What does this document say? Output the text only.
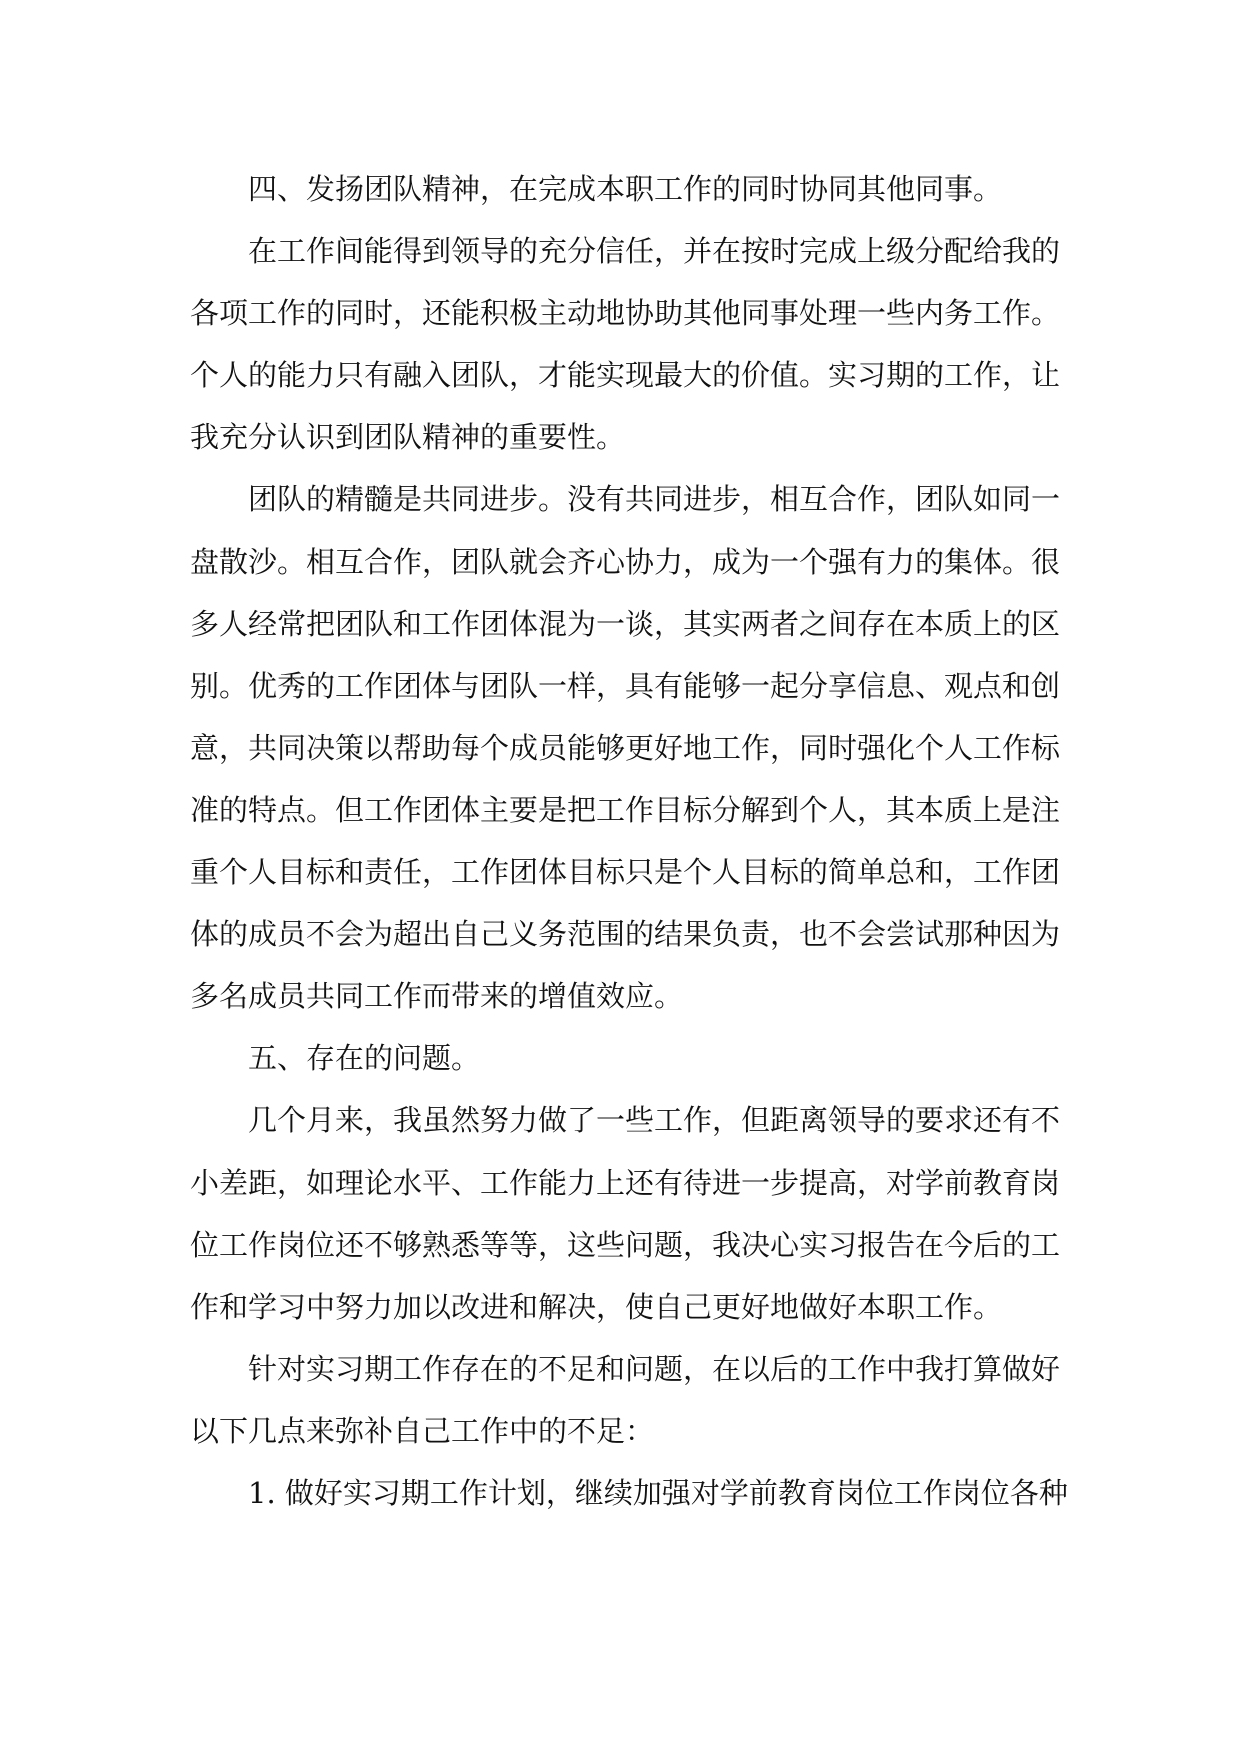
四、发扬团队精神，在完成本职工作的同时协同其他同事。
在工作间能得到领导的充分信任，并在按时完成上级分配给我的
各项工作的同时，还能积极主动地协助其他同事处理一些内务工作。
个人的能力只有融入团队，才能实现最大的价值。实习期的工作，让
我充分认识到团队精神的重要性。
团队的精髓是共同进步。没有共同进步，相互合作，团队如同一
盘散沙。相互合作，团队就会齐心协力，成为一个强有力的集体。很
多人经常把团队和工作团体混为一谈，其实两者之间存在本质上的区
别。优秀的工作团体与团队一样，具有能够一起分享信息、观点和创
意，共同决策以帮助每个成员能够更好地工作，同时强化个人工作标
准的特点。但工作团体主要是把工作目标分解到个人，其本质上是注
重个人目标和责任，工作团体目标只是个人目标的简单总和，工作团
体的成员不会为超出自己义务范围的结果负责，也不会尝试那种因为
多名成员共同工作而带来的增值效应。
五、存在的问题。
几个月来，我虽然努力做了一些工作，但距离领导的要求还有不
小差距，如理论水平、工作能力上还有待进一步提高，对学前教育岗
位工作岗位还不够熟悉等等，这些问题，我决心实习报告在今后的工
作和学习中努力加以改进和解决，使自己更好地做好本职工作。
针对实习期工作存在的不足和问题，在以后的工作中我打算做好
以下几点来弥补自己工作中的不足：
1. 做好实习期工作计划，继续加强对学前教育岗位工作岗位各种
